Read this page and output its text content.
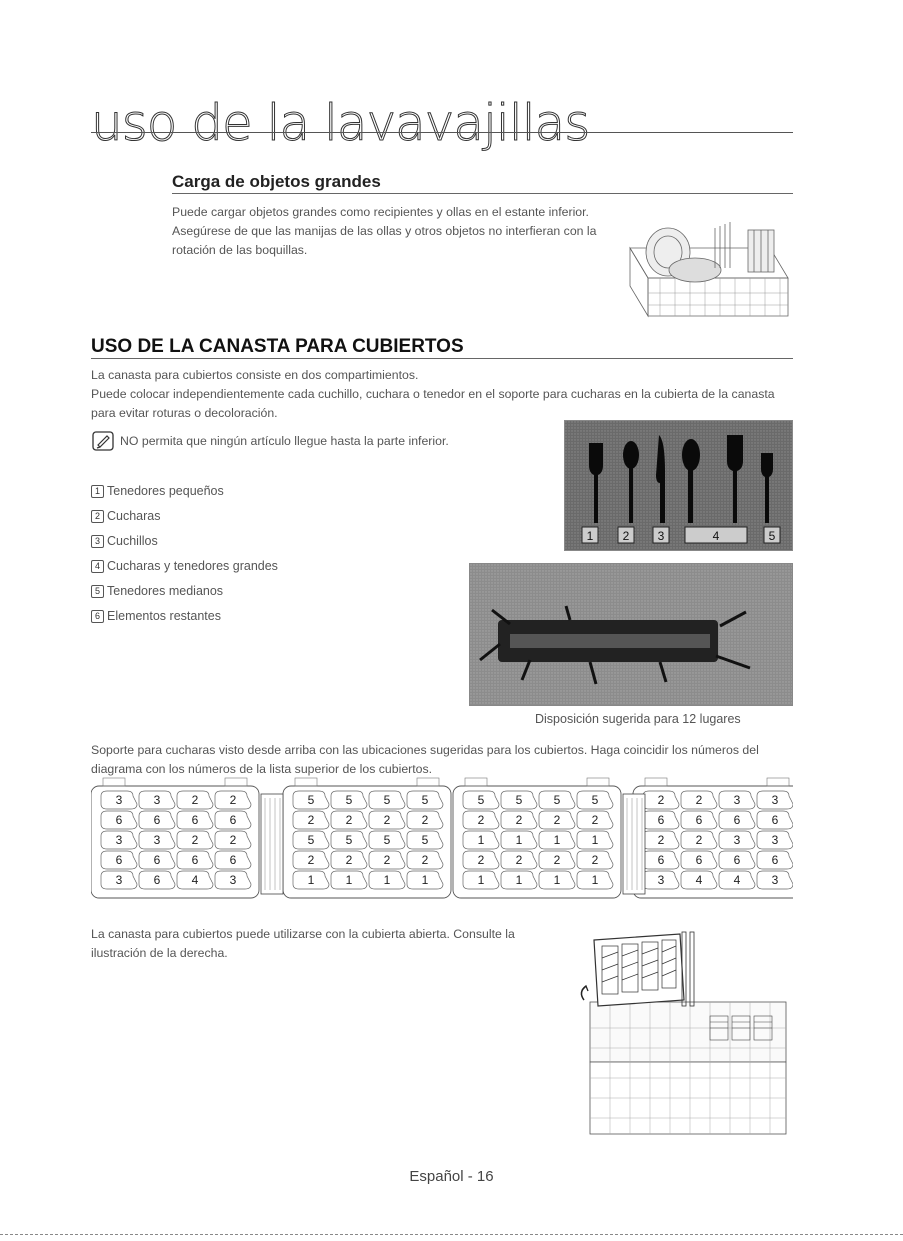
uso de la lavavajillas
Carga de objetos grandes
Puede cargar objetos grandes como recipientes y ollas en el estante inferior.
Asegúrese de que las manijas de las ollas y otros objetos no interfieran con la
rotación de las boquillas.
USO DE LA CANASTA PARA CUBIERTOS
La canasta para cubiertos consiste en dos compartimientos.
Puede colocar independientemente cada cuchillo, cuchara o tenedor en el soporte para cucharas en la cubierta de la canasta
para evitar roturas o decoloración.
NO permita que ningún artículo llegue hasta la parte inferior.
1 Tenedores pequeños
2 Cucharas
3 Cuchillos
4 Cucharas y tenedores grandes
5 Tenedores medianos
6 Elementos restantes
1 2 3	4	5
Disposición sugerida para 12 lugares
Soporte para cucharas visto desde arriba con las ubicaciones sugeridas para los cubiertos. Haga coincidir los números del
diagrama con los números de la lista superior de los cubiertos.
3	3	2	2
6	6	6	6
3	3	2	2
6	6	6	6
3	6	4	3
5	5	5	5
2	2	2	2
5	5	5	5
2	2	2	2
1	1	1	1
5	5	5	5
2	2	2	2
1	1	1	1
2	2	2	2
1	1	1	1
2	2	3	3
6	6	6	6
2	2	3	3
6	6	6	6
3	4	4	3
La canasta para cubiertos puede utilizarse con la cubierta abierta. Consulte la
ilustración de la derecha.
Español - 16
